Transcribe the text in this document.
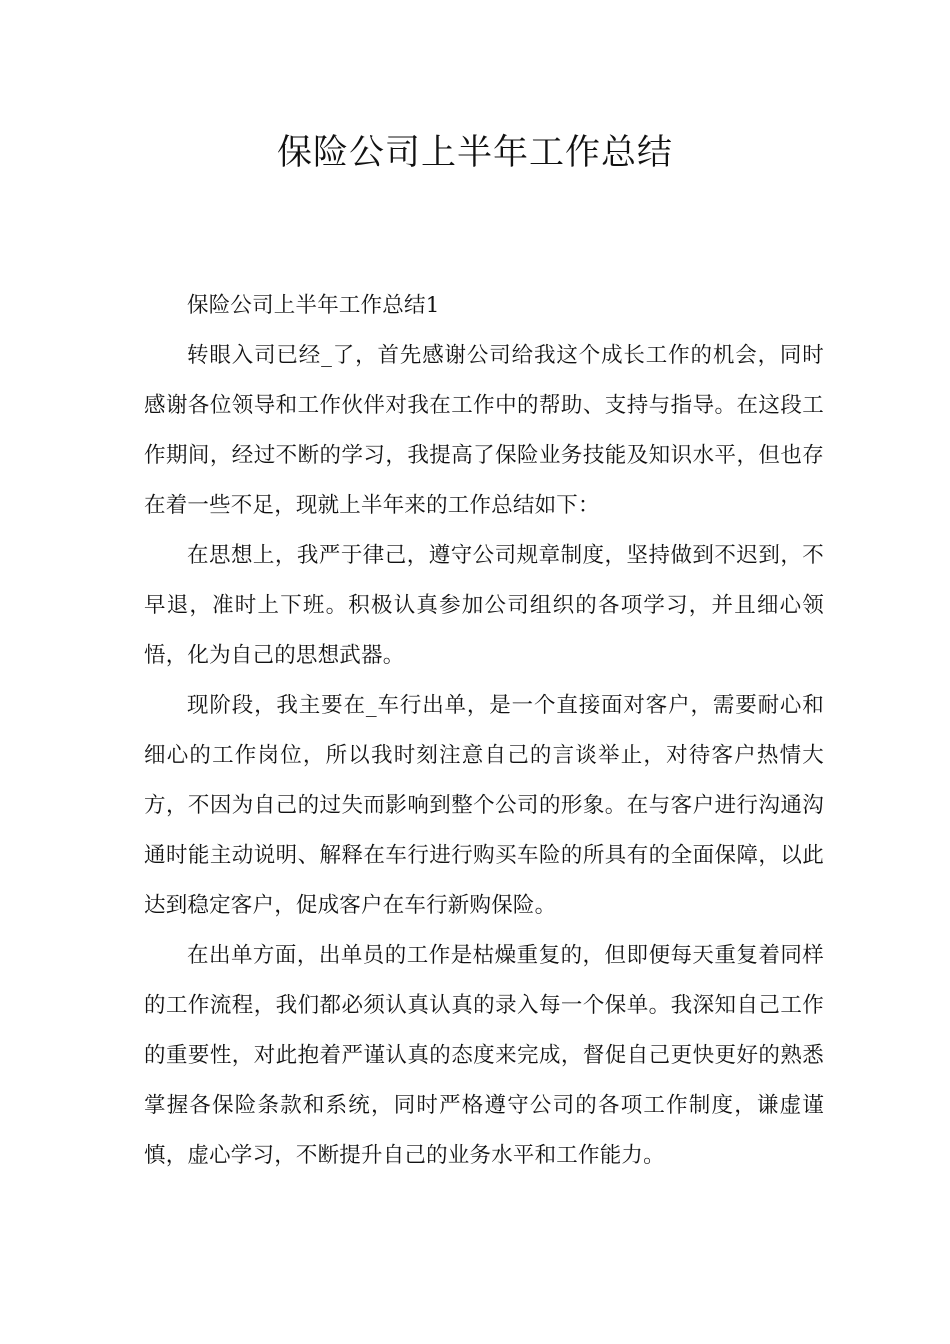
保险公司上半年工作总结

保险公司上半年工作总结1

转眼入司已经_了，首先感谢公司给我这个成长工作的机会，同时感谢各位领导和工作伙伴对我在工作中的帮助、支持与指导。在这段工作期间，经过不断的学习，我提高了保险业务技能及知识水平，但也存在着一些不足，现就上半年来的工作总结如下：

在思想上，我严于律己，遵守公司规章制度，坚持做到不迟到，不早退，准时上下班。积极认真参加公司组织的各项学习，并且细心领悟，化为自己的思想武器。

现阶段，我主要在_车行出单，是一个直接面对客户，需要耐心和细心的工作岗位，所以我时刻注意自己的言谈举止，对待客户热情大方，不因为自己的过失而影响到整个公司的形象。在与客户进行沟通沟通时能主动说明、解释在车行进行购买车险的所具有的全面保障，以此达到稳定客户，促成客户在车行新购保险。

在出单方面，出单员的工作是枯燥重复的，但即便每天重复着同样的工作流程，我们都必须认真认真的录入每一个保单。我深知自己工作的重要性，对此抱着严谨认真的态度来完成，督促自己更快更好的熟悉掌握各保险条款和系统，同时严格遵守公司的各项工作制度，谦虚谨慎，虚心学习，不断提升自己的业务水平和工作能力。
